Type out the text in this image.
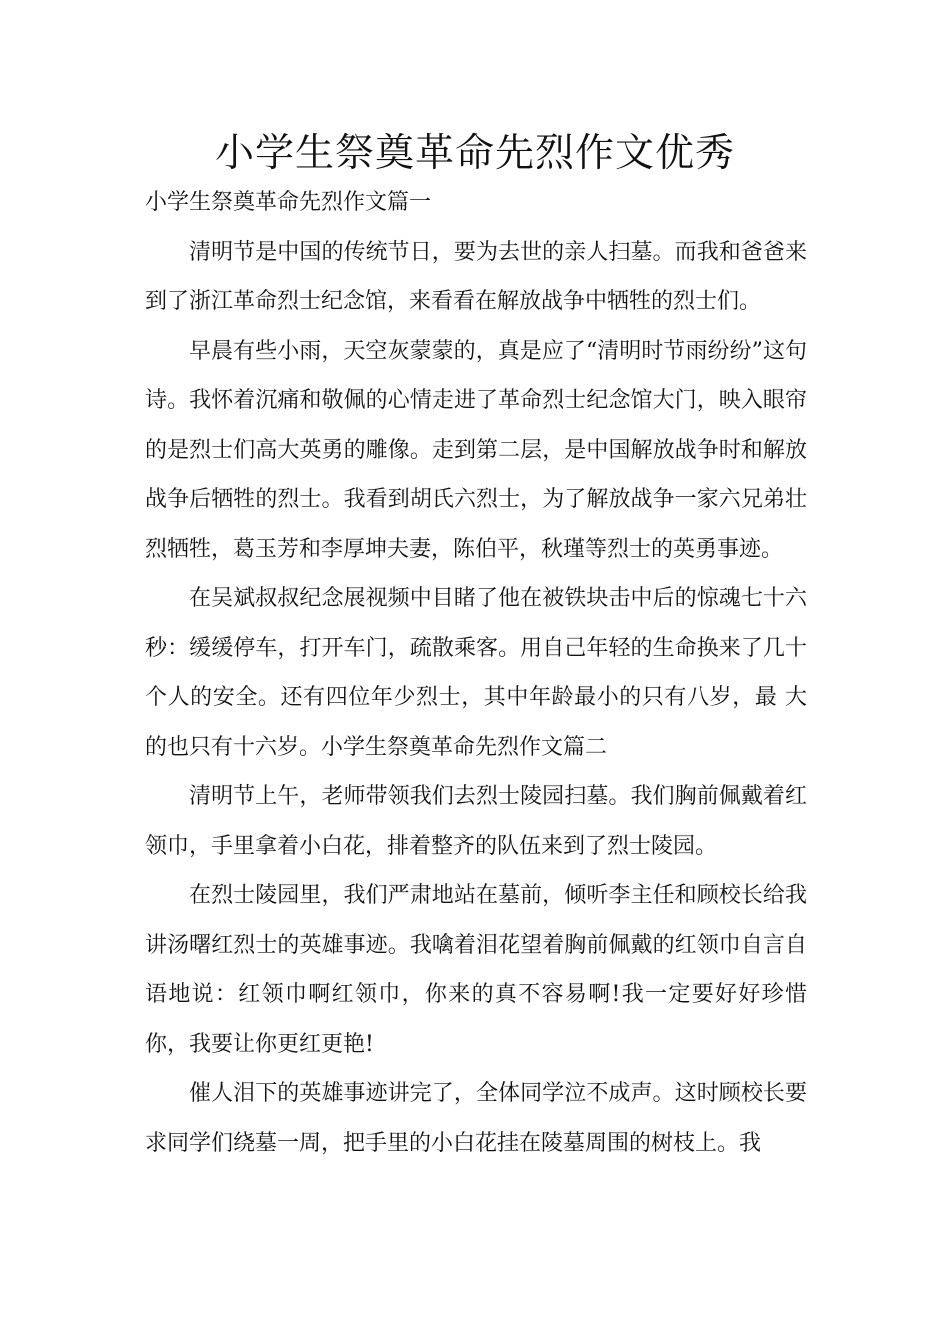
小学生祭奠革命先烈作文优秀

小学生祭奠革命先烈作文篇一

清明节是中国的传统节日，要为去世的亲人扫墓。而我和爸爸来到了浙江革命烈士纪念馆，来看看在解放战争中牺牲的烈士们。

早晨有些小雨，天空灰蒙蒙的，真是应了“清明时节雨纷纷”这句诗。我怀着沉痛和敬佩的心情走进了革命烈士纪念馆大门，映入眼帘的是烈士们高大英勇的雕像。走到第二层，是中国解放战争时和解放战争后牺牲的烈士。我看到胡氏六烈士，为了解放战争一家六兄弟壮烈牺牲，葛玉芳和李厚坤夫妻，陈伯平，秋瑾等烈士的英勇事迹。

在吴斌叔叔纪念展视频中目睹了他在被铁块击中后的惊魂七十六秒：缓缓停车，打开车门，疏散乘客。用自己年轻的生命换来了几十个人的安全。还有四位年少烈士，其中年龄最小的只有八岁，最 大的也只有十六岁。小学生祭奠革命先烈作文篇二

清明节上午，老师带领我们去烈士陵园扫墓。我们胸前佩戴着红领巾，手里拿着小白花，排着整齐的队伍来到了烈士陵园。

在烈士陵园里，我们严肃地站在墓前，倾听李主任和顾校长给我讲汤曙红烈士的英雄事迹。我噙着泪花望着胸前佩戴的红领巾自言自语地说：红领巾啊红领巾，你来的真不容易啊!我一定要好好珍惜你，我要让你更红更艳!

催人泪下的英雄事迹讲完了，全体同学泣不成声。这时顾校长要求同学们绕墓一周，把手里的小白花挂在陵墓周围的树枝上。我
